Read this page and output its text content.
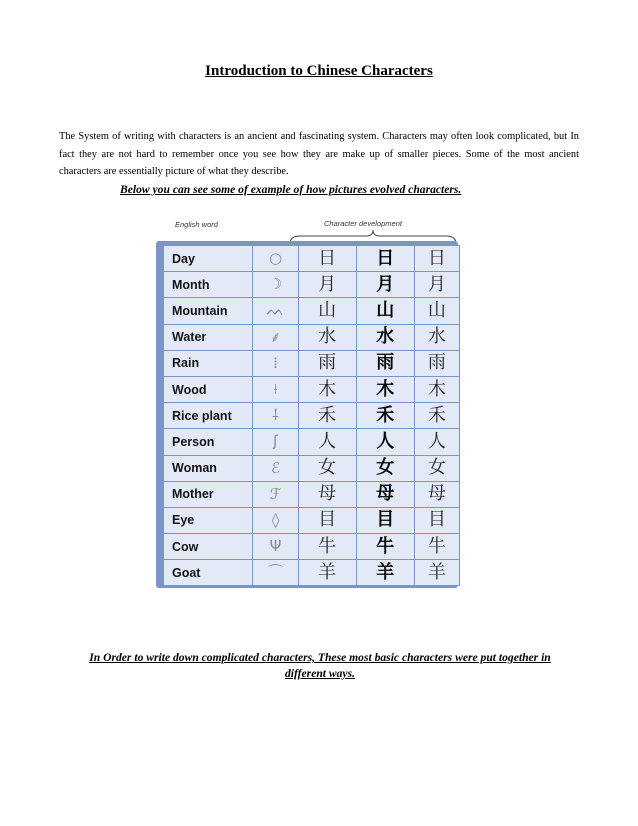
Introduction to Chinese Characters
The System of writing with characters is an ancient and fascinating system. Characters may often look complicated, but In fact they are not hard to remember once you see how they are make up of smaller pieces. Some of the most ancient characters are essentially picture of what they describe.
Below you can see some of example of how pictures evolved characters.
English word	Character development
Day	○	日	日	日
Month	☽	月	月	月
Mountain	ᨓ	山	山	山
Water	⸙	水	水	水
Rain	⁞	雨	雨	雨
Wood	⟊	木	木	木
Rice plant	⸸	禾	禾	禾
Person	ʃ	人	人	人
Woman	ℰ	女	女	女
Mother	ℱ	母	母	母
Eye	◊	目	目	目
Cow	Ψ	牛	牛	牛
Goat	⌒	羊	羊	羊
In Order to write down complicated characters, These most basic characters were put together in
different ways.
